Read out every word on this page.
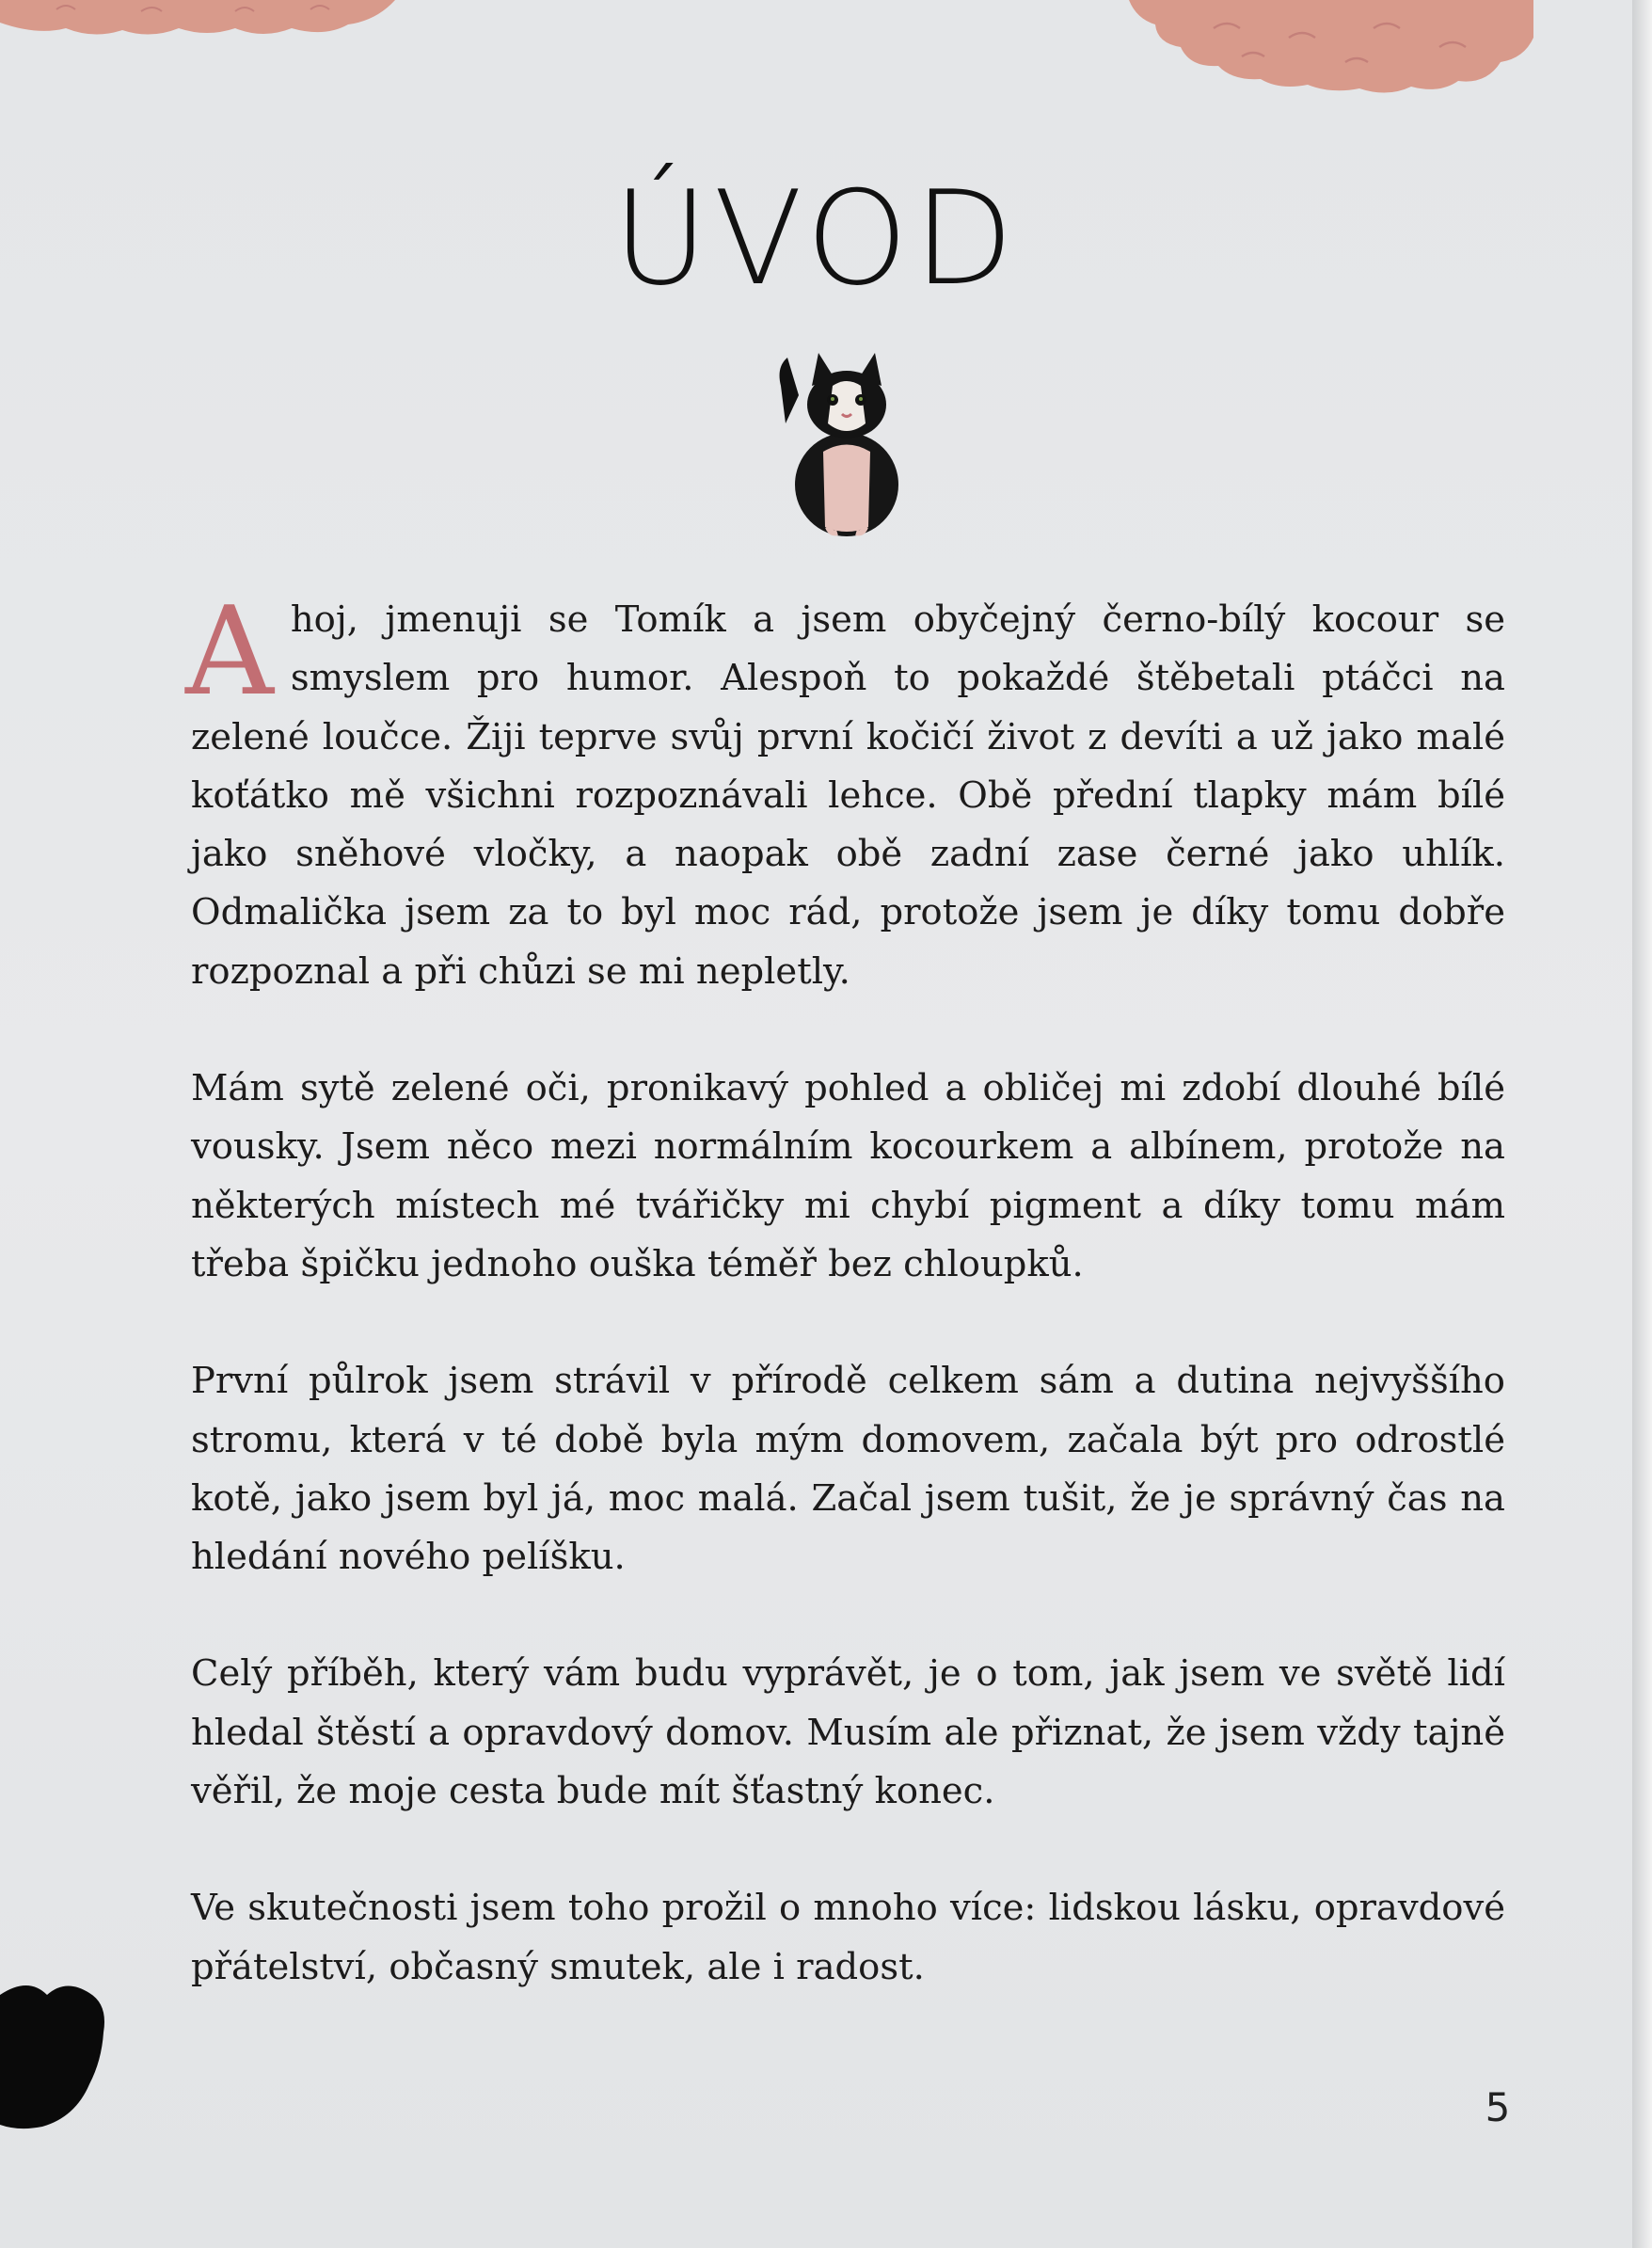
ÚVOD

Ahoj, jmenuji se Tomík a jsem obyčejný černo-bílý kocour se smyslem pro humor. Alespoň to pokaždé štěbetali ptáčci na zelené loučce. Žiji teprve svůj první kočičí život z devíti a už jako malé koťátko mě všichni rozpoznávali lehce. Obě přední tlapky mám bílé jako sněhové vločky, a naopak obě zadní zase černé jako uhlík. Odmalička jsem za to byl moc rád, protože jsem je díky tomu dobře rozpoznal a při chůzi se mi nepletly.

Mám sytě zelené oči, pronikavý pohled a obličej mi zdobí dlouhé bílé vousky. Jsem něco mezi normálním kocourkem a albínem, protože na některých místech mé tvářičky mi chybí pigment a díky tomu mám třeba špičku jednoho ouška téměř bez chloupků.

První půlrok jsem strávil v přírodě celkem sám a dutina nejvyššího stromu, která v té době byla mým domovem, začala být pro odrostlé kotě, jako jsem byl já, moc malá. Začal jsem tušit, že je správný čas na hledání nového pelíšku.

Celý příběh, který vám budu vyprávět, je o tom, jak jsem ve světě lidí hledal štěstí a opravdový domov. Musím ale přiznat, že jsem vždy tajně věřil, že moje cesta bude mít šťastný konec.

Ve skutečnosti jsem toho prožil o mnoho více: lidskou lásku, opravdové přátelství, občasný smutek, ale i radost.

5
